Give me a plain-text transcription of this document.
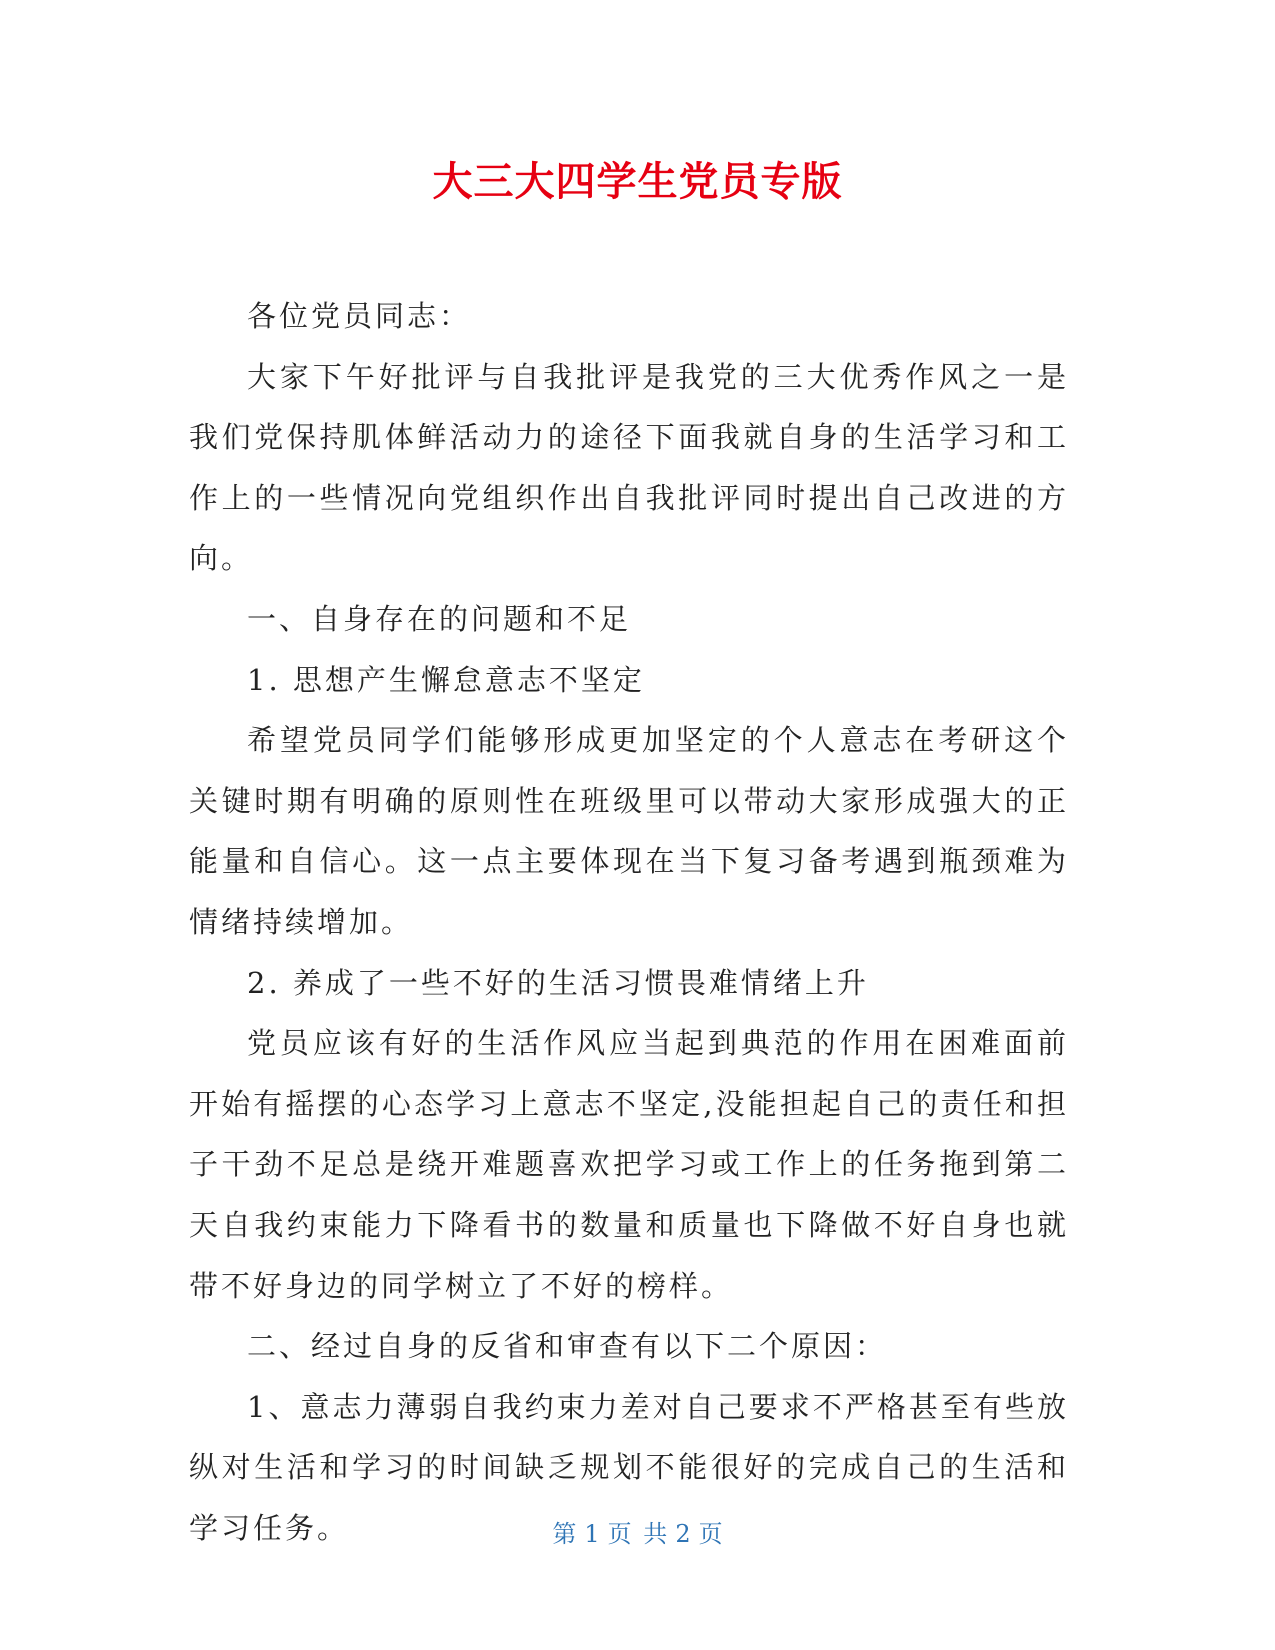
大三大四学生党员专版

各位党员同志：

大家下午好批评与自我批评是我党的三大优秀作风之一是我们党保持肌体鲜活动力的途径下面我就自身的生活学习和工作上的一些情况向党组织作出自我批评同时提出自己改进的方向。

一、自身存在的问题和不足

1. 思想产生懈怠意志不坚定

希望党员同学们能够形成更加坚定的个人意志在考研这个关键时期有明确的原则性在班级里可以带动大家形成强大的正能量和自信心。这一点主要体现在当下复习备考遇到瓶颈难为情绪持续增加。

2. 养成了一些不好的生活习惯畏难情绪上升

党员应该有好的生活作风应当起到典范的作用在困难面前开始有摇摆的心态学习上意志不坚定,没能担起自己的责任和担子干劲不足总是绕开难题喜欢把学习或工作上的任务拖到第二天自我约束能力下降看书的数量和质量也下降做不好自身也就带不好身边的同学树立了不好的榜样。

二、经过自身的反省和审查有以下二个原因：

1、意志力薄弱自我约束力差对自己要求不严格甚至有些放纵对生活和学习的时间缺乏规划不能很好的完成自己的生活和学习任务。	第 1 页 共 2 页
